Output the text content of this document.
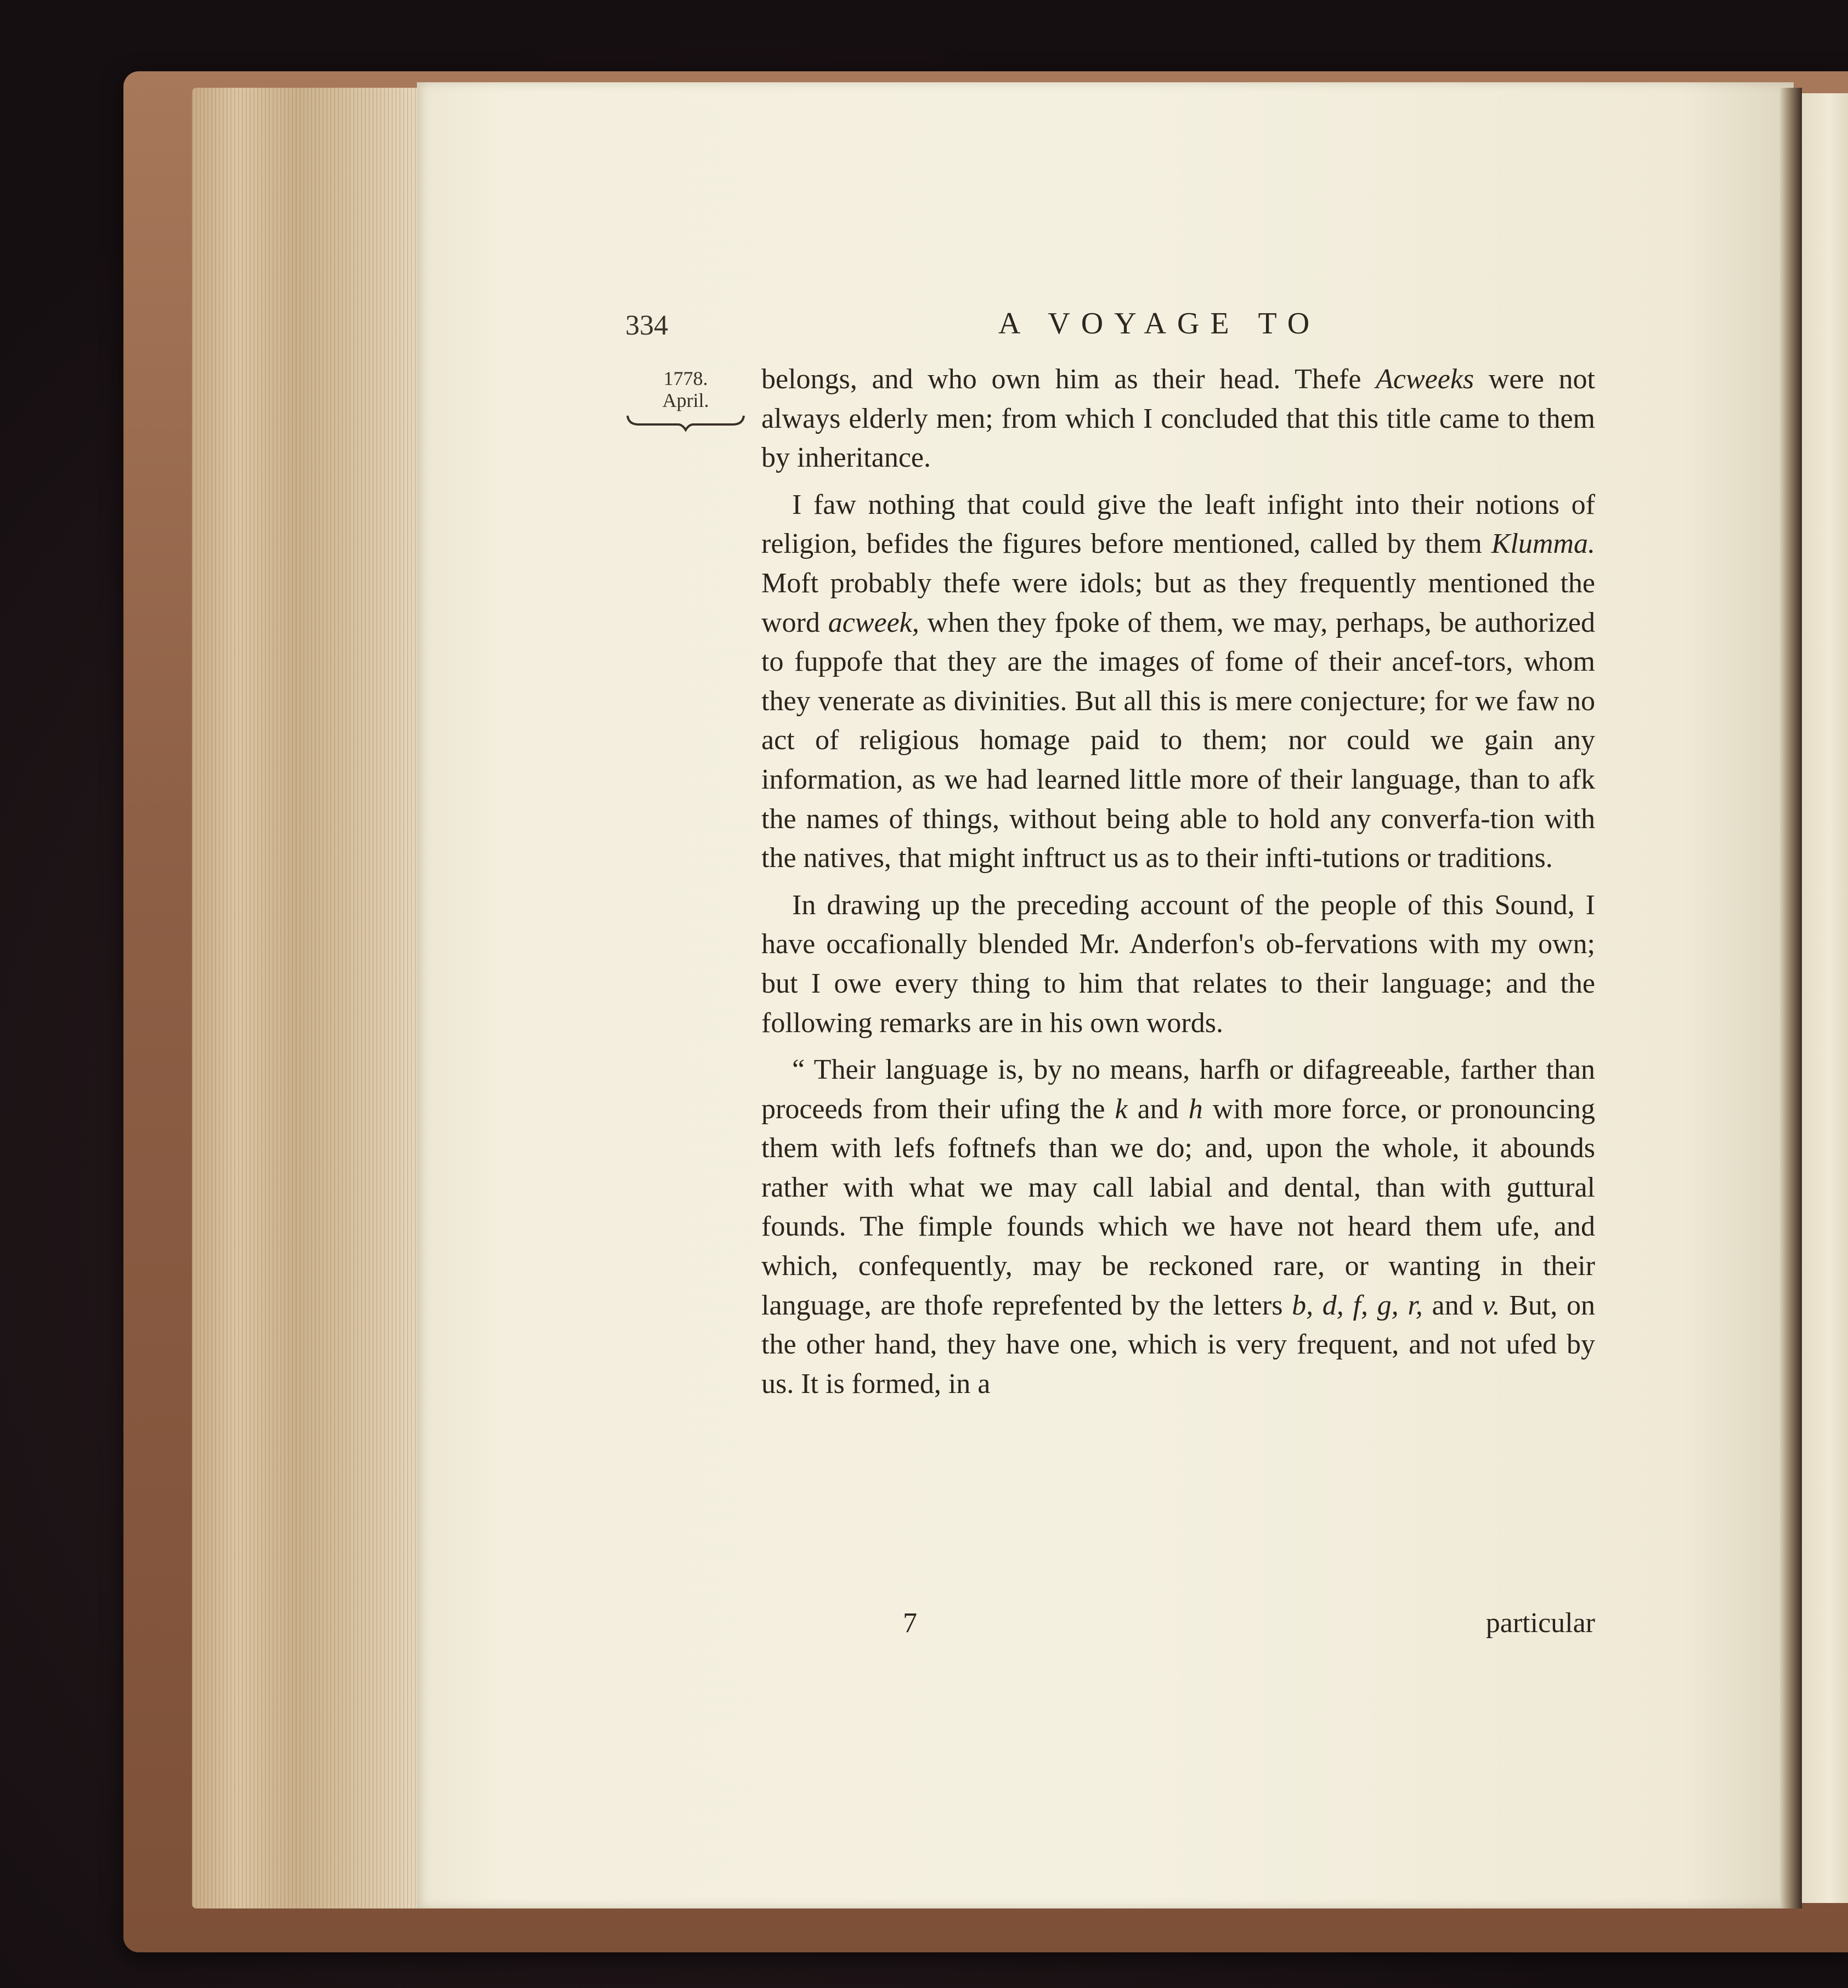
334	A VOYAGE TO
1778.
April.

belongs, and who own him as their head. Thefe Acweeks were not always elderly men; from which I concluded that this title came to them by inheritance.

I faw nothing that could give the leaft infight into their notions of religion, befides the figures before mentioned, called by them Klumma. Moft probably thefe were idols; but as they frequently mentioned the word acweek, when they fpoke of them, we may, perhaps, be authorized to fuppofe that they are the images of fome of their ancef-tors, whom they venerate as divinities. But all this is mere conjecture; for we faw no act of religious homage paid to them; nor could we gain any information, as we had learned little more of their language, than to afk the names of things, without being able to hold any converfa-tion with the natives, that might inftruct us as to their infti-tutions or traditions.

In drawing up the preceding account of the people of this Sound, I have occafionally blended Mr. Anderfon's ob-fervations with my own; but I owe every thing to him that relates to their language; and the following remarks are in his own words.

“ Their language is, by no means, harfh or difagreeable, farther than proceeds from their ufing the k and h with more force, or pronouncing them with lefs foftnefs than we do; and, upon the whole, it abounds rather with what we may call labial and dental, than with guttural founds. The fimple founds which we have not heard them ufe, and which, confequently, may be reckoned rare, or wanting in their language, are thofe reprefented by the letters b, d, f, g, r, and v. But, on the other hand, they have one, which is very frequent, and not ufed by us. It is formed, in a

7	particular
